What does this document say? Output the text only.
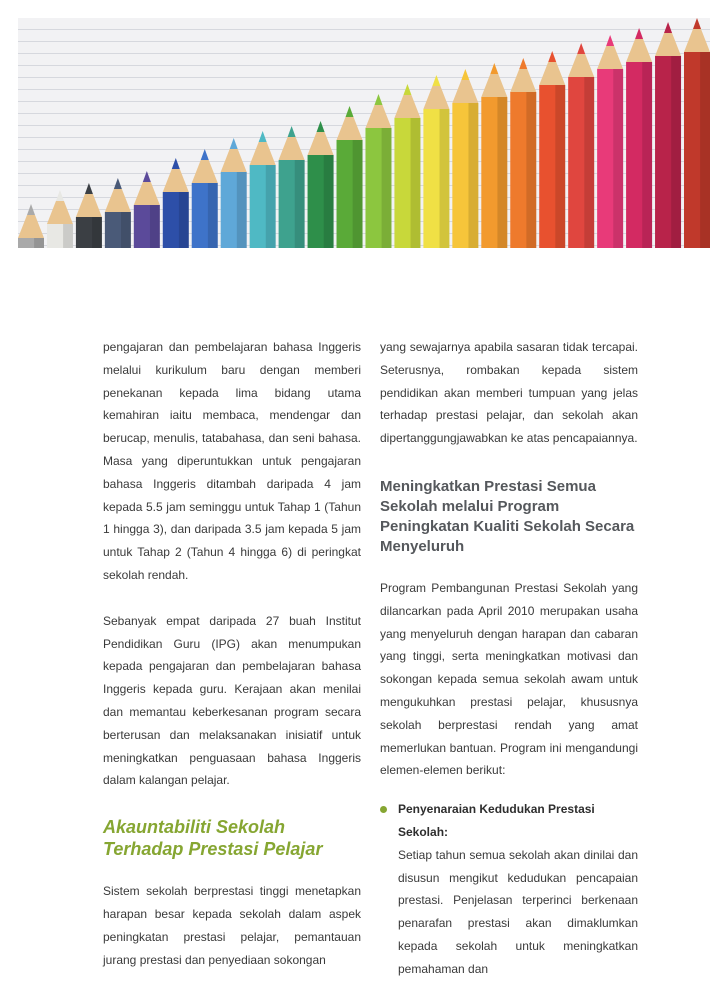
pengajaran dan pembelajaran bahasa Inggeris melalui kurikulum baru dengan memberi penekanan kepada lima bidang utama kemahiran iaitu membaca, mendengar dan berucap, menulis, tatabahasa, dan seni bahasa. Masa yang diperuntukkan untuk pengajaran bahasa Inggeris ditambah daripada 4 jam kepada 5.5 jam seminggu untuk Tahap 1 (Tahun 1 hingga 3), dan daripada 3.5 jam kepada 5 jam untuk Tahap 2 (Tahun 4 hingga 6) di peringkat sekolah rendah.

Sebanyak empat daripada 27 buah Institut Pendidikan Guru (IPG) akan menumpukan kepada pengajaran dan pembelajaran bahasa Inggeris kepada guru. Kerajaan akan menilai dan memantau keberkesanan program secara berterusan dan melaksanakan inisiatif untuk meningkatkan penguasaan bahasa Inggeris dalam kalangan pelajar.

Akauntabiliti Sekolah
Terhadap Prestasi Pelajar

Sistem sekolah berprestasi tinggi menetapkan harapan besar kepada sekolah dalam aspek peningkatan prestasi pelajar, pemantauan jurang prestasi dan penyediaan sokongan

yang sewajarnya apabila sasaran tidak tercapai. Seterusnya, rombakan kepada sistem pendidikan akan memberi tumpuan yang jelas terhadap prestasi pelajar, dan sekolah akan dipertanggungjawabkan ke atas pencapaiannya.

Meningkatkan Prestasi Semua
Sekolah melalui Program
Peningkatan Kualiti Sekolah Secara
Menyeluruh

Program Pembangunan Prestasi Sekolah yang dilancarkan pada April 2010 merupakan usaha yang menyeluruh dengan harapan dan cabaran yang tinggi, serta meningkatkan motivasi dan sokongan kepada semua sekolah awam untuk mengukuhkan prestasi pelajar, khususnya sekolah berprestasi rendah yang amat memerlukan bantuan. Program ini mengandungi elemen-elemen berikut:

Penyenaraian Kedudukan Prestasi Sekolah:
Setiap tahun semua sekolah akan dinilai dan disusun mengikut kedudukan pencapaian prestasi. Penjelasan terperinci berkenaan penarafan prestasi akan dimaklumkan kepada sekolah untuk meningkatkan pemahaman dan
